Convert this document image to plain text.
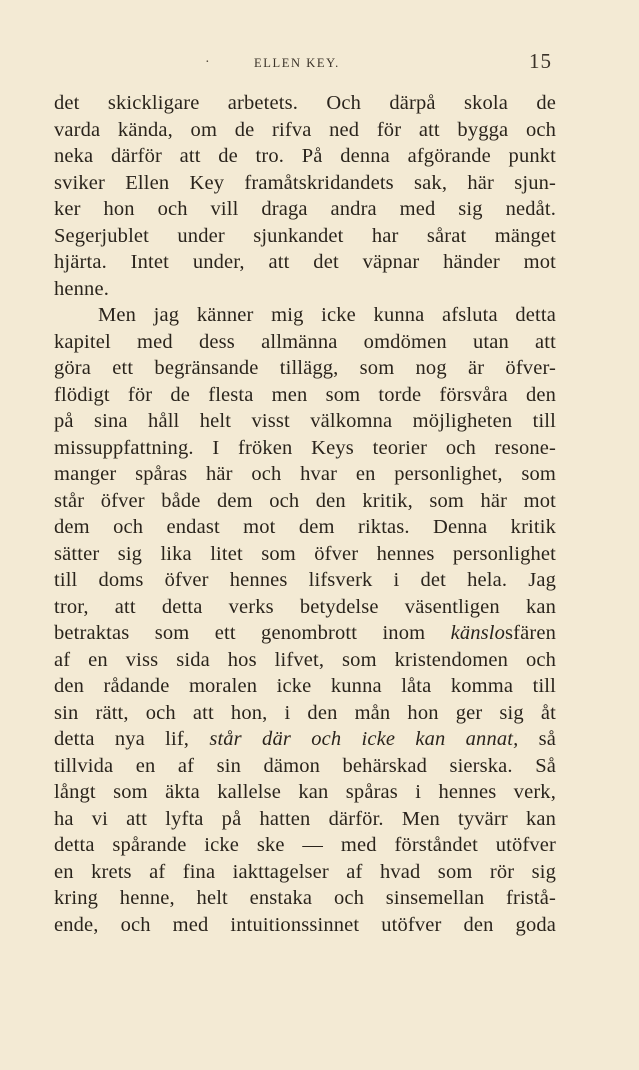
·	ELLEN KEY.	15
det skickligare arbetets. Och därpå skola de
varda kända, om de rifva ned för att bygga och
neka därför att de tro. På denna afgörande punkt
sviker Ellen Key framåtskridandets sak, här sjun-
ker hon och vill draga andra med sig nedåt.
Segerjublet under sjunkandet har sårat mänget
hjärta. Intet under, att det väpnar händer mot
henne.
Men jag känner mig icke kunna afsluta detta
kapitel med dess allmänna omdömen utan att
göra ett begränsande tillägg, som nog är öfver-
flödigt för de flesta men som torde försvåra den
på sina håll helt visst välkomna möjligheten till
missuppfattning. I fröken Keys teorier och resone-
manger spåras här och hvar en personlighet, som
står öfver både dem och den kritik, som här mot
dem och endast mot dem riktas. Denna kritik
sätter sig lika litet som öfver hennes personlighet
till doms öfver hennes lifsverk i det hela. Jag
tror, att detta verks betydelse väsentligen kan
betraktas som ett genombrott inom känslosfären
af en viss sida hos lifvet, som kristendomen och
den rådande moralen icke kunna låta komma till
sin rätt, och att hon, i den mån hon ger sig åt
detta nya lif, står där och icke kan annat, så
tillvida en af sin dämon behärskad sierska. Så
långt som äkta kallelse kan spåras i hennes verk,
ha vi att lyfta på hatten därför. Men tyvärr kan
detta spårande icke ske — med förståndet utöfver
en krets af fina iakttagelser af hvad som rör sig
kring henne, helt enstaka och sinsemellan fristå-
ende, och med intuitionssinnet utöfver den goda
